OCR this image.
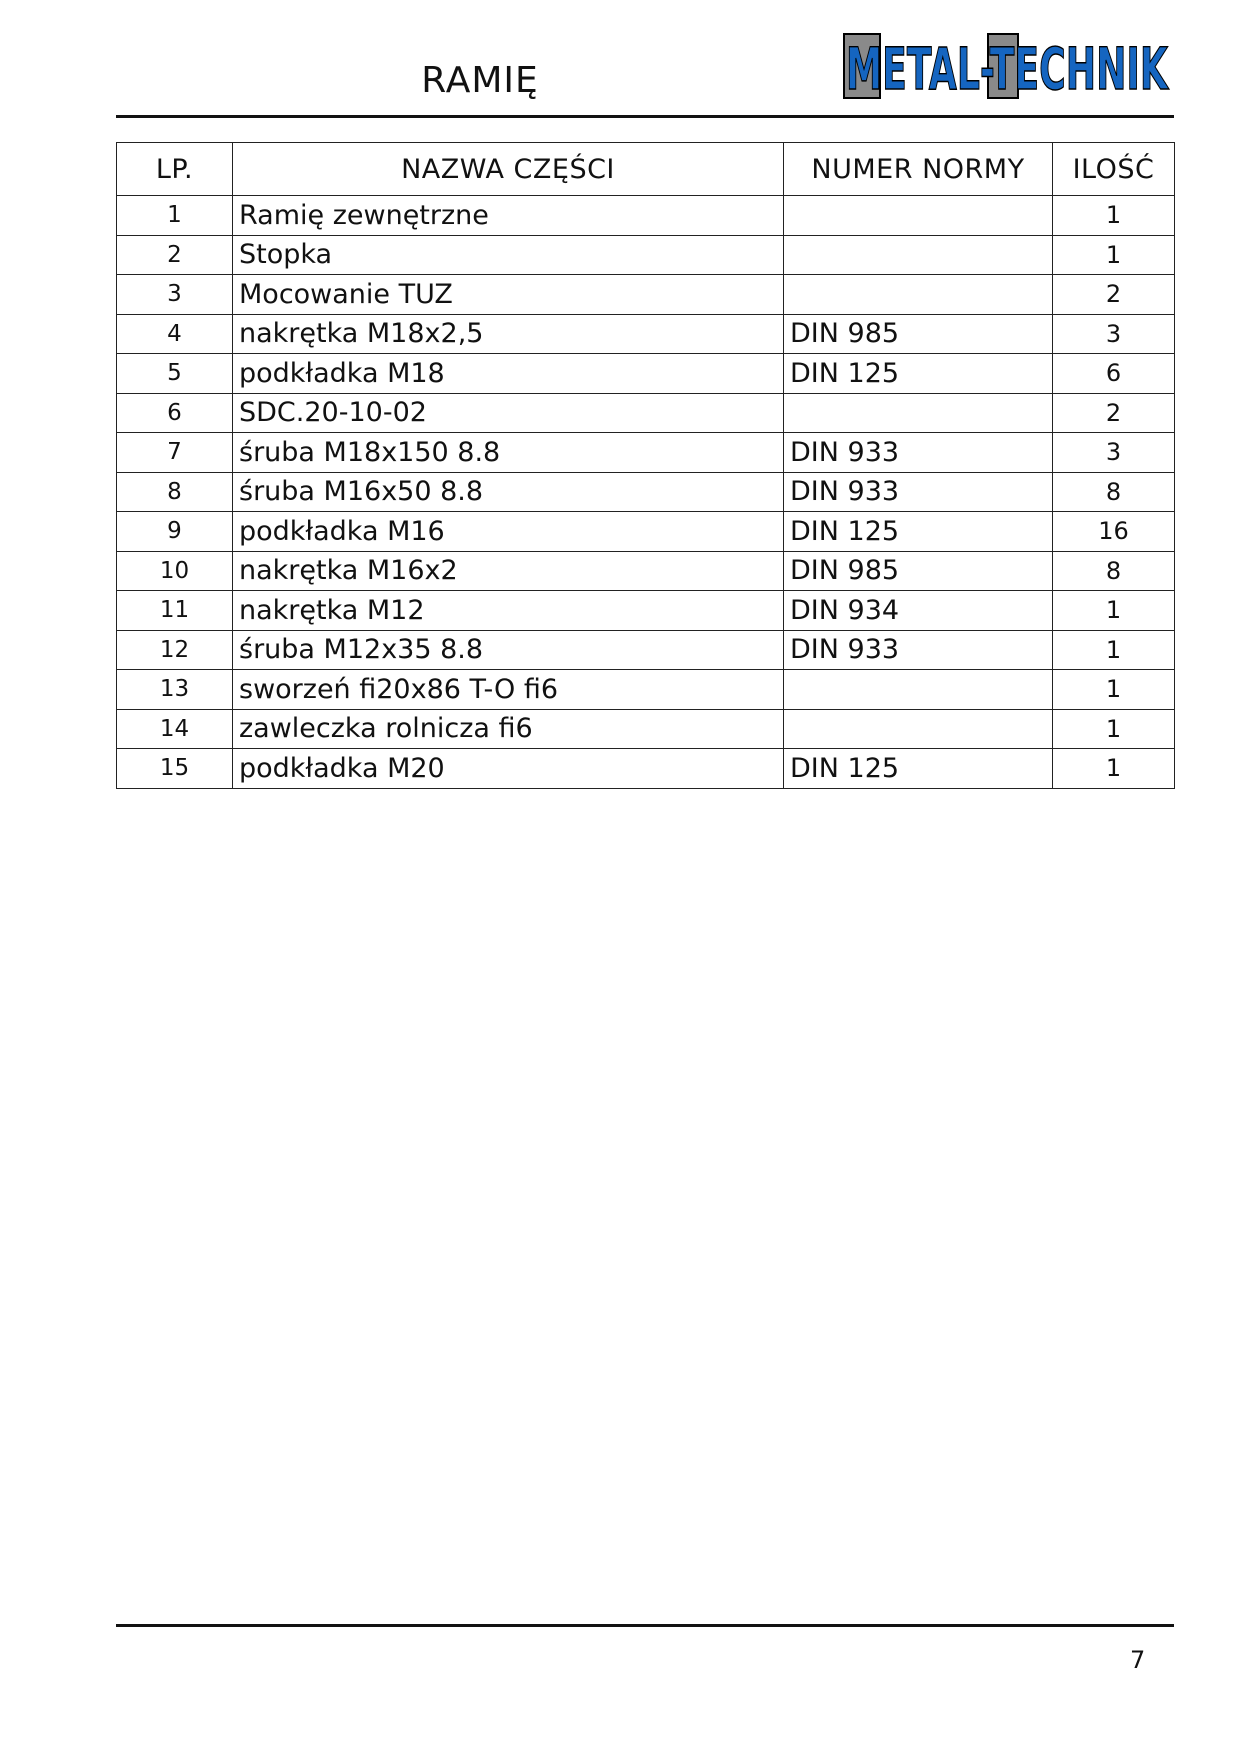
RAMIĘ	METAL-TECHNIK
LP.	NAZWA CZĘŚCI	NUMER NORMY	ILOŚĆ
1	Ramię zewnętrzne		1
2	Stopka		1
3	Mocowanie TUZ		2
4	nakrętka M18x2,5	DIN 985	3
5	podkładka M18	DIN 125	6
6	SDC.20-10-02		2
7	śruba M18x150 8.8	DIN 933	3
8	śruba M16x50 8.8	DIN 933	8
9	podkładka M16	DIN 125	16
10	nakrętka M16x2	DIN 985	8
11	nakrętka M12	DIN 934	1
12	śruba M12x35 8.8	DIN 933	1
13	sworzeń fi20x86 T-O fi6		1
14	zawleczka rolnicza fi6		1
15	podkładka M20	DIN 125	1
7
